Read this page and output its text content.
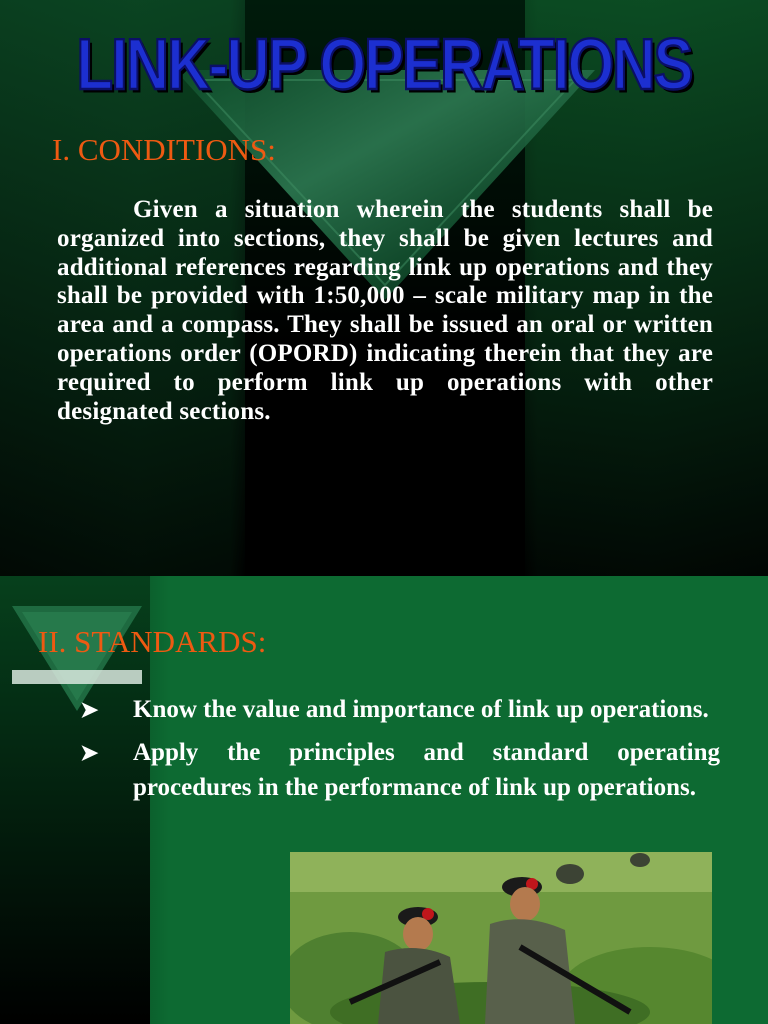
LINK-UP OPERATIONS
I. CONDITIONS:
Given a situation wherein the students shall be organized into sections, they shall be given lectures and additional references regarding link up operations and they shall be provided with 1:50,000 – scale military map in the area and a compass. They shall be issued an oral or written operations order (OPORD) indicating therein that they are required to perform link up operations with other designated sections.
II. STANDARDS:
➤	Know the value and importance of link up operations.
➤	Apply the principles and standard operating procedures in the performance of link up operations.
